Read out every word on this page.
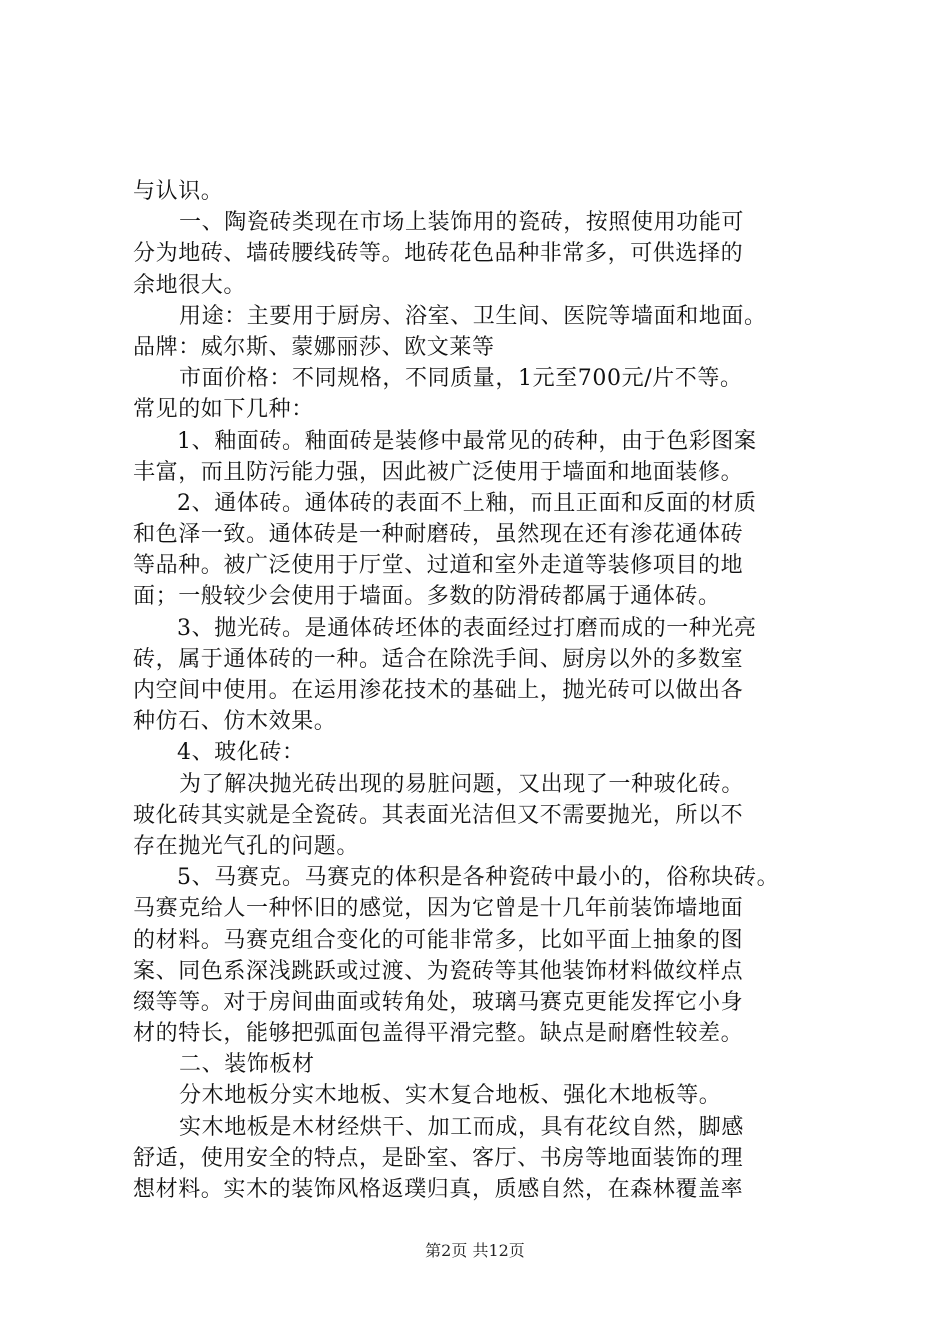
与认识。
一、陶瓷砖类现在市场上装饰用的瓷砖，按照使用功能可
分为地砖、墙砖腰线砖等。地砖花色品种非常多，可供选择的
余地很大。
用途：主要用于厨房、浴室、卫生间、医院等墙面和地面。
品牌：威尔斯、蒙娜丽莎、欧文莱等
市面价格：不同规格，不同质量，1元至700元/片不等。
常见的如下几种：
1、釉面砖。釉面砖是装修中最常见的砖种，由于色彩图案
丰富，而且防污能力强，因此被广泛使用于墙面和地面装修。
2、通体砖。通体砖的表面不上釉，而且正面和反面的材质
和色泽一致。通体砖是一种耐磨砖，虽然现在还有渗花通体砖
等品种。被广泛使用于厅堂、过道和室外走道等装修项目的地
面；一般较少会使用于墙面。多数的防滑砖都属于通体砖。
3、抛光砖。是通体砖坯体的表面经过打磨而成的一种光亮
砖，属于通体砖的一种。适合在除洗手间、厨房以外的多数室
内空间中使用。在运用渗花技术的基础上，抛光砖可以做出各
种仿石、仿木效果。
4、玻化砖：
为了解决抛光砖出现的易脏问题，又出现了一种玻化砖。
玻化砖其实就是全瓷砖。其表面光洁但又不需要抛光，所以不
存在抛光气孔的问题。
5、马赛克。马赛克的体积是各种瓷砖中最小的，俗称块砖。
马赛克给人一种怀旧的感觉，因为它曾是十几年前装饰墙地面
的材料。马赛克组合变化的可能非常多，比如平面上抽象的图
案、同色系深浅跳跃或过渡、为瓷砖等其他装饰材料做纹样点
缀等等。对于房间曲面或转角处，玻璃马赛克更能发挥它小身
材的特长，能够把弧面包盖得平滑完整。缺点是耐磨性较差。
二、装饰板材
分木地板分实木地板、实木复合地板、强化木地板等。
实木地板是木材经烘干、加工而成，具有花纹自然，脚感
舒适，使用安全的特点，是卧室、客厅、书房等地面装饰的理
想材料。实木的装饰风格返璞归真，质感自然，在森林覆盖率
第2页 共12页
